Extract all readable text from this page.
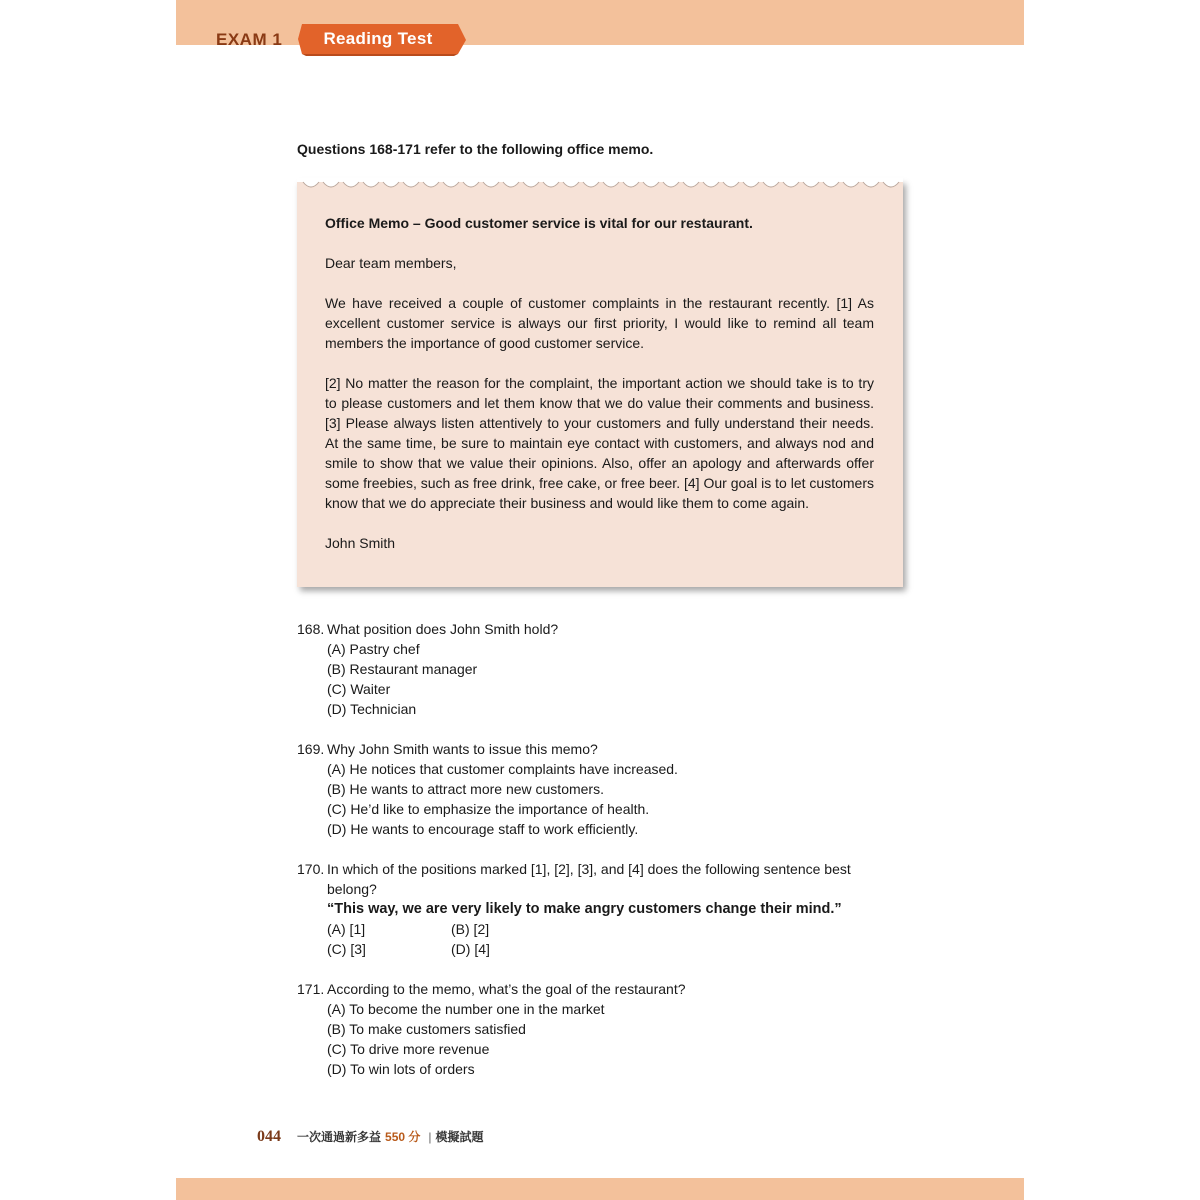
EXAM 1	Reading Test
Questions 168-171 refer to the following office memo.

Office Memo – Good customer service is vital for our restaurant.

Dear team members,

We have received a couple of customer complaints in the restaurant recently. [1] As excellent customer service is always our first priority, I would like to remind all team members the importance of good customer service.

[2] No matter the reason for the complaint, the important action we should take is to try to please customers and let them know that we do value their comments and business. [3] Please always listen attentively to your customers and fully understand their needs. At the same time, be sure to maintain eye contact with customers, and always nod and smile to show that we value their opinions. Also, offer an apology and afterwards offer some freebies, such as free drink, free cake, or free beer. [4] Our goal is to let customers know that we do appreciate their business and would like them to come again.

John Smith

168. What position does John Smith hold?
(A) Pastry chef
(B) Restaurant manager
(C) Waiter
(D) Technician
169. Why John Smith wants to issue this memo?
(A) He notices that customer complaints have increased.
(B) He wants to attract more new customers.
(C) He’d like to emphasize the importance of health.
(D) He wants to encourage staff to work efficiently.
170. In which of the positions marked [1], [2], [3], and [4] does the following sentence best belong?
“This way, we are very likely to make angry customers change their mind.”
(A) [1]	(B) [2]
(C) [3]	(D) [4]
171. According to the memo, what’s the goal of the restaurant?
(A) To become the number one in the market
(B) To make customers satisfied
(C) To drive more revenue
(D) To win lots of orders
044 一次通過新多益 550 分 | 模擬試題
